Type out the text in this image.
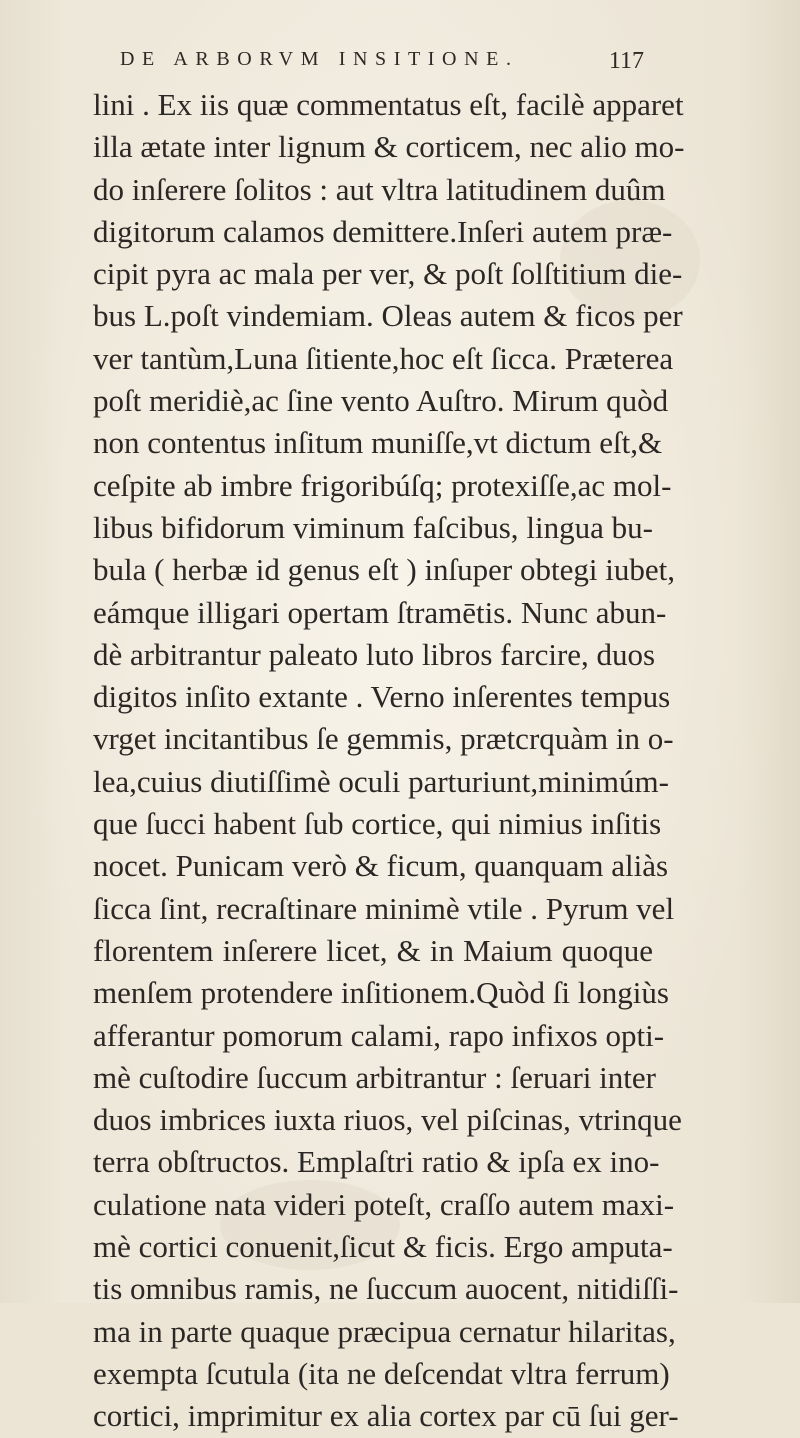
DE ARBORVM INSITIONE.	117
lini . Ex iis quæ commentatus eſt, facilè apparet
illa ætate inter lignum & corticem, nec alio mo-
do inſerere ſolitos : aut vltra latitudinem duûm
digitorum calamos demittere.Inſeri autem præ-
cipit pyra ac mala per ver, & poſt ſolſtitium die-
bus L.poſt vindemiam. Oleas autem & ficos per
ver tantùm,Luna ſitiente,hoc eſt ſicca. Præterea
poſt meridiè,ac ſine vento Auſtro. Mirum quòd
non contentus inſitum muniſſe,vt dictum eſt,&
ceſpite ab imbre frigoribúſq; protexiſſe,ac mol-
libus bifidorum viminum faſcibus, lingua bu-
bula ( herbæ id genus eſt ) inſuper obtegi iubet,
eámque illigari opertam ſtramētis. Nunc abun-
dè arbitrantur paleato luto libros farcire, duos
digitos inſito extante . Verno inſerentes tempus
vrget incitantibus ſe gemmis, prætcrquàm in o-
lea,cuius diutiſſimè oculi parturiunt,minimúm-
que ſucci habent ſub cortice, qui nimius inſitis
nocet. Punicam verò & ficum, quanquam aliàs
ſicca ſint, recraſtinare minimè vtile . Pyrum vel
florentem inſerere licet, & in Maium quoque
menſem protendere inſitionem.Quòd ſi longiùs
afferantur pomorum calami, rapo infixos opti-
mè cuſtodire ſuccum arbitrantur : ſeruari inter
duos imbrices iuxta riuos, vel piſcinas, vtrinque
terra obſtructos. Emplaſtri ratio & ipſa ex ino-
culatione nata videri poteſt, craſſo autem maxi-
mè cortici conuenit,ſicut & ficis. Ergo amputa-
tis omnibus ramis, ne ſuccum auocent, nitidiſſi-
ma in parte quaque præcipua cernatur hilaritas,
exempta ſcutula (ita ne deſcendat vltra ferrum)
cortici, imprimitur ex alia cortex par cū ſui ger-
